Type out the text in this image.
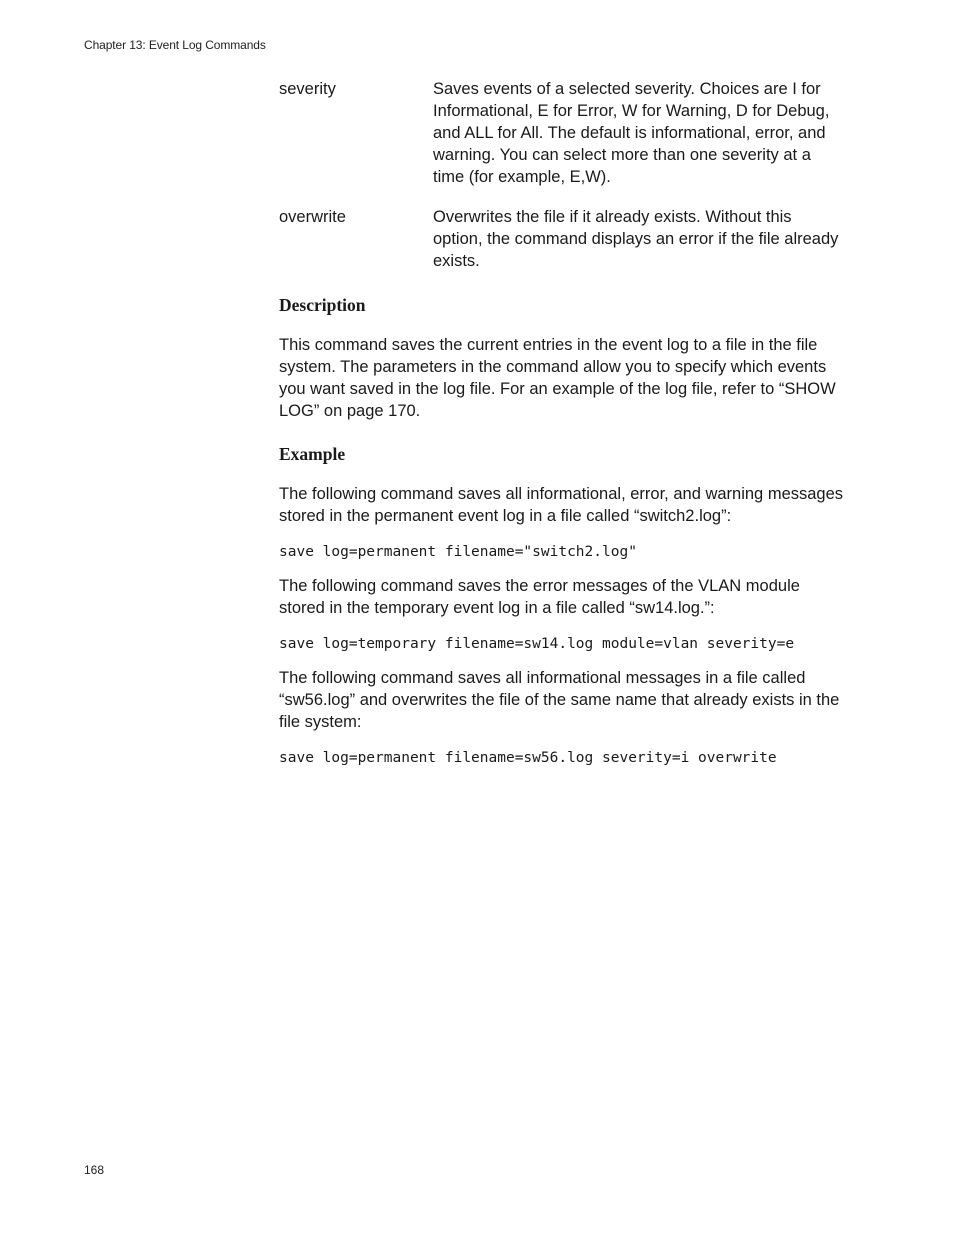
Chapter 13: Event Log Commands
severity	Saves events of a selected severity. Choices are I for Informational, E for Error, W for Warning, D for Debug, and ALL for All. The default is informational, error, and warning. You can select more than one severity at a time (for example, E,W).
overwrite	Overwrites the file if it already exists. Without this option, the command displays an error if the file already exists.
Description

This command saves the current entries in the event log to a file in the file system. The parameters in the command allow you to specify which events you want saved in the log file. For an example of the log file, refer to “SHOW LOG” on page 170.

Example

The following command saves all informational, error, and warning messages stored in the permanent event log in a file called “switch2.log”:

save log=permanent filename="switch2.log"

The following command saves the error messages of the VLAN module stored in the temporary event log in a file called “sw14.log.”:

save log=temporary filename=sw14.log module=vlan severity=e

The following command saves all informational messages in a file called “sw56.log” and overwrites the file of the same name that already exists in the file system:

save log=permanent filename=sw56.log severity=i overwrite
168
